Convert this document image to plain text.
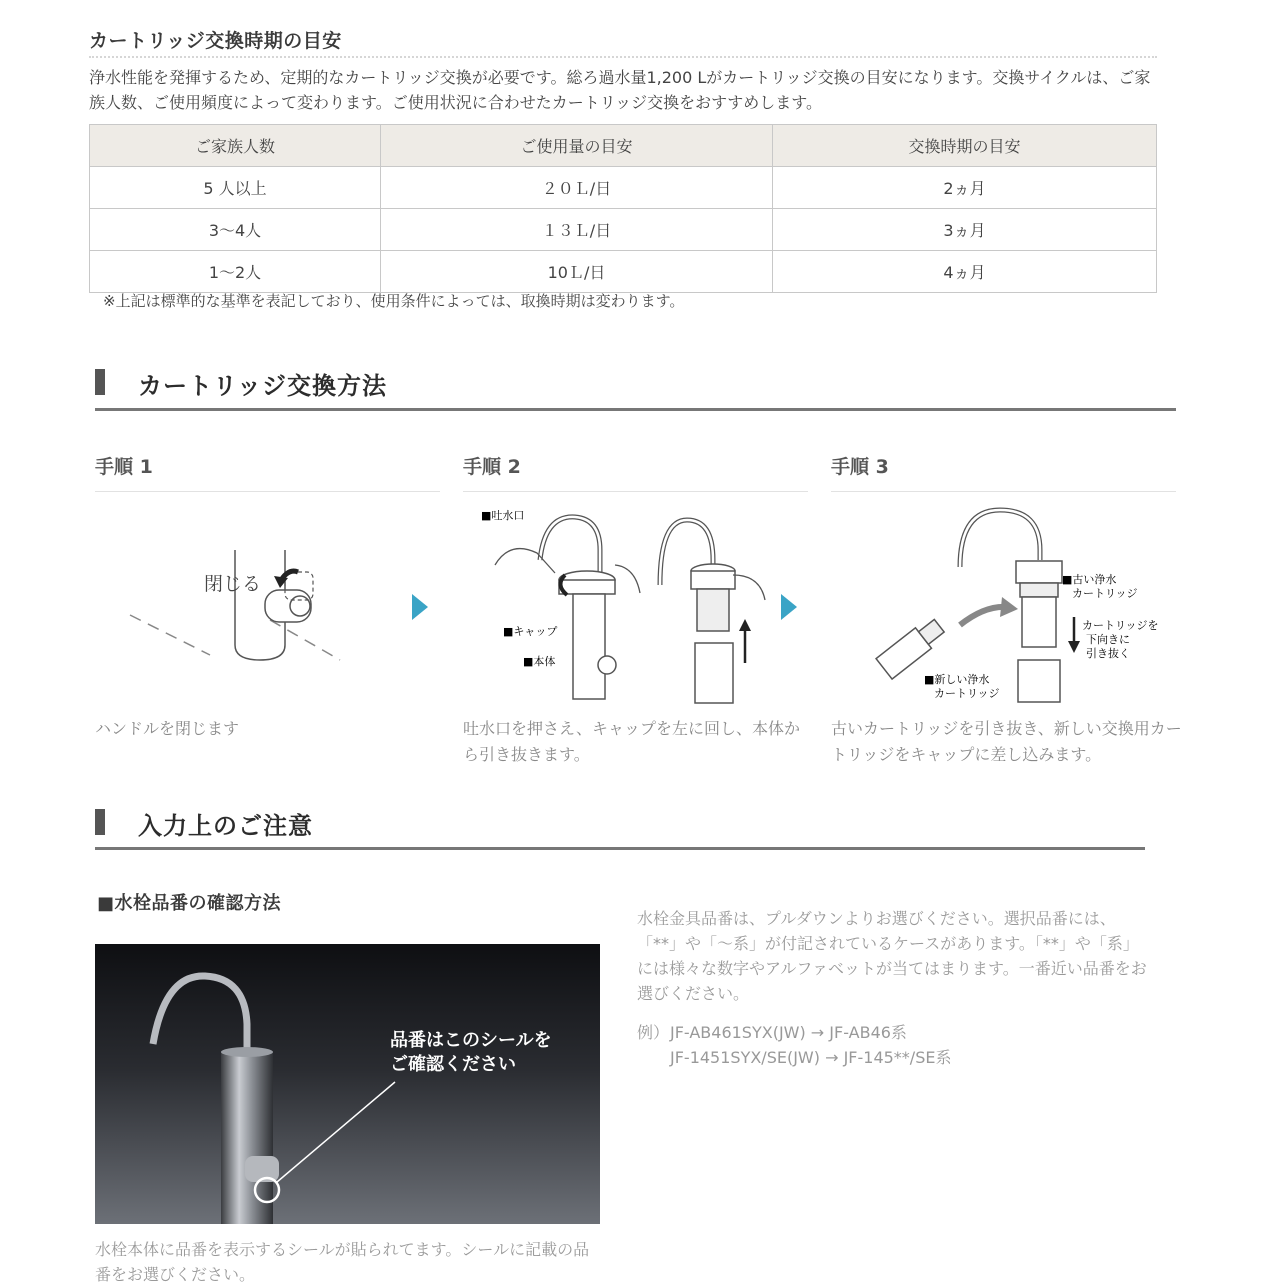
カートリッジ交換時期の目安
浄水性能を発揮するため、定期的なカートリッジ交換が必要です。総ろ過水量1,200 Lがカートリッジ交換の目安になります。交換サイクルは、ご家族人数、ご使用頻度によって変わります。ご使用状況に合わせたカートリッジ交換をおすすめします。
ご家族人数	ご使用量の目安	交換時期の目安
5 人以上	２０Ｌ/日	2ヵ月
3～4人	１３Ｌ/日	3ヵ月
1～2人	10Ｌ/日	4ヵ月
※上記は標準的な基準を表記しており、使用条件によっては、取換時期は変わります。
カートリッジ交換方法
手順 1
閉じる
ハンドルを閉じます
手順 2
■吐水口
■キャップ
■本体
吐水口を押さえ、キャップを左に回し、本体から引き抜きます。
手順 3
■古い浄水
カートリッジ
カートリッジを
下向きに
引き抜く
■新しい浄水
カートリッジ
古いカートリッジを引き抜き、新しい交換用カートリッジをキャップに差し込みます。
入力上のご注意
■水栓品番の確認方法
品番はこのシールを
ご確認ください
水栓本体に品番を表示するシールが貼られてます。シールに記載の品番をお選びください。
水栓金具品番は、プルダウンよりお選びください。選択品番には、「**」や「～系」が付記されているケースがあります。「**」や「系」には様々な数字やアルファベットが当てはまります。一番近い品番をお選びください。
例） JF-AB461SYX(JW) → JF-AB46系
JF-1451SYX/SE(JW) → JF-145**/SE系
